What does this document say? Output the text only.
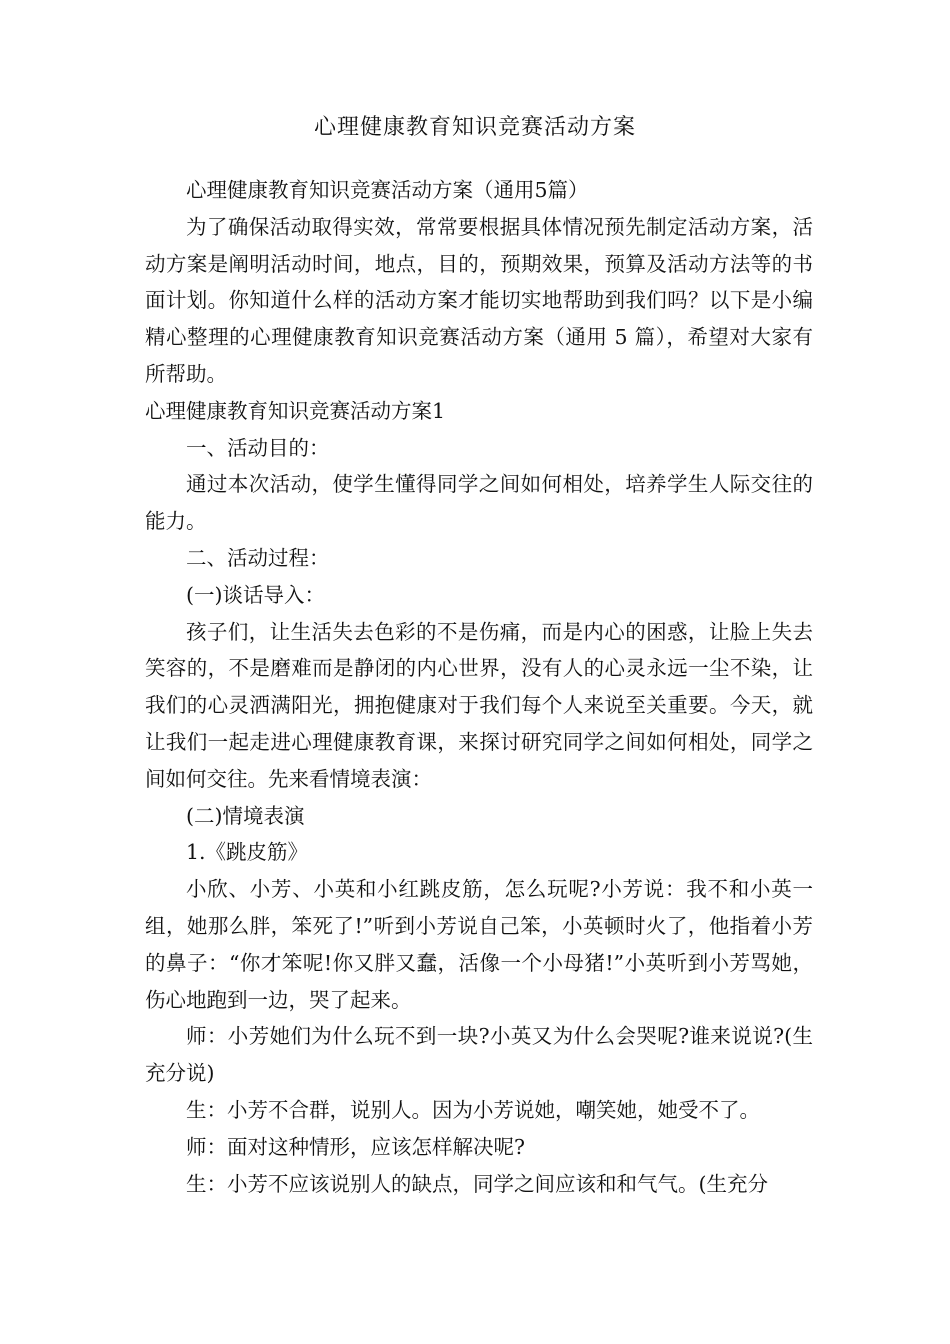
心理健康教育知识竞赛活动方案

心理健康教育知识竞赛活动方案（通用5篇）

为了确保活动取得实效，常常要根据具体情况预先制定活动方案，活动方案是阐明活动时间，地点，目的，预期效果，预算及活动方法等的书面计划。你知道什么样的活动方案才能切实地帮助到我们吗？以下是小编精心整理的心理健康教育知识竞赛活动方案（通用 5 篇），希望对大家有所帮助。

心理健康教育知识竞赛活动方案1

一、活动目的：

通过本次活动，使学生懂得同学之间如何相处，培养学生人际交往的能力。

二、活动过程：

(一)谈话导入：

孩子们，让生活失去色彩的不是伤痛，而是内心的困惑，让脸上失去笑容的，不是磨难而是静闭的内心世界，没有人的心灵永远一尘不染，让我们的心灵洒满阳光，拥抱健康对于我们每个人来说至关重要。今天，就让我们一起走进心理健康教育课，来探讨研究同学之间如何相处，同学之间如何交往。先来看情境表演：

(二)情境表演

1.《跳皮筋》

小欣、小芳、小英和小红跳皮筋，怎么玩呢?小芳说：我不和小英一组，她那么胖，笨死了!”听到小芳说自己笨，小英顿时火了，他指着小芳的鼻子：“你才笨呢!你又胖又蠢，活像一个小母猪!”小英听到小芳骂她，伤心地跑到一边，哭了起来。

师：小芳她们为什么玩不到一块?小英又为什么会哭呢?谁来说说?(生充分说)

生：小芳不合群，说别人。因为小芳说她，嘲笑她，她受不了。

师：面对这种情形，应该怎样解决呢?

生：小芳不应该说别人的缺点，同学之间应该和和气气。(生充分
